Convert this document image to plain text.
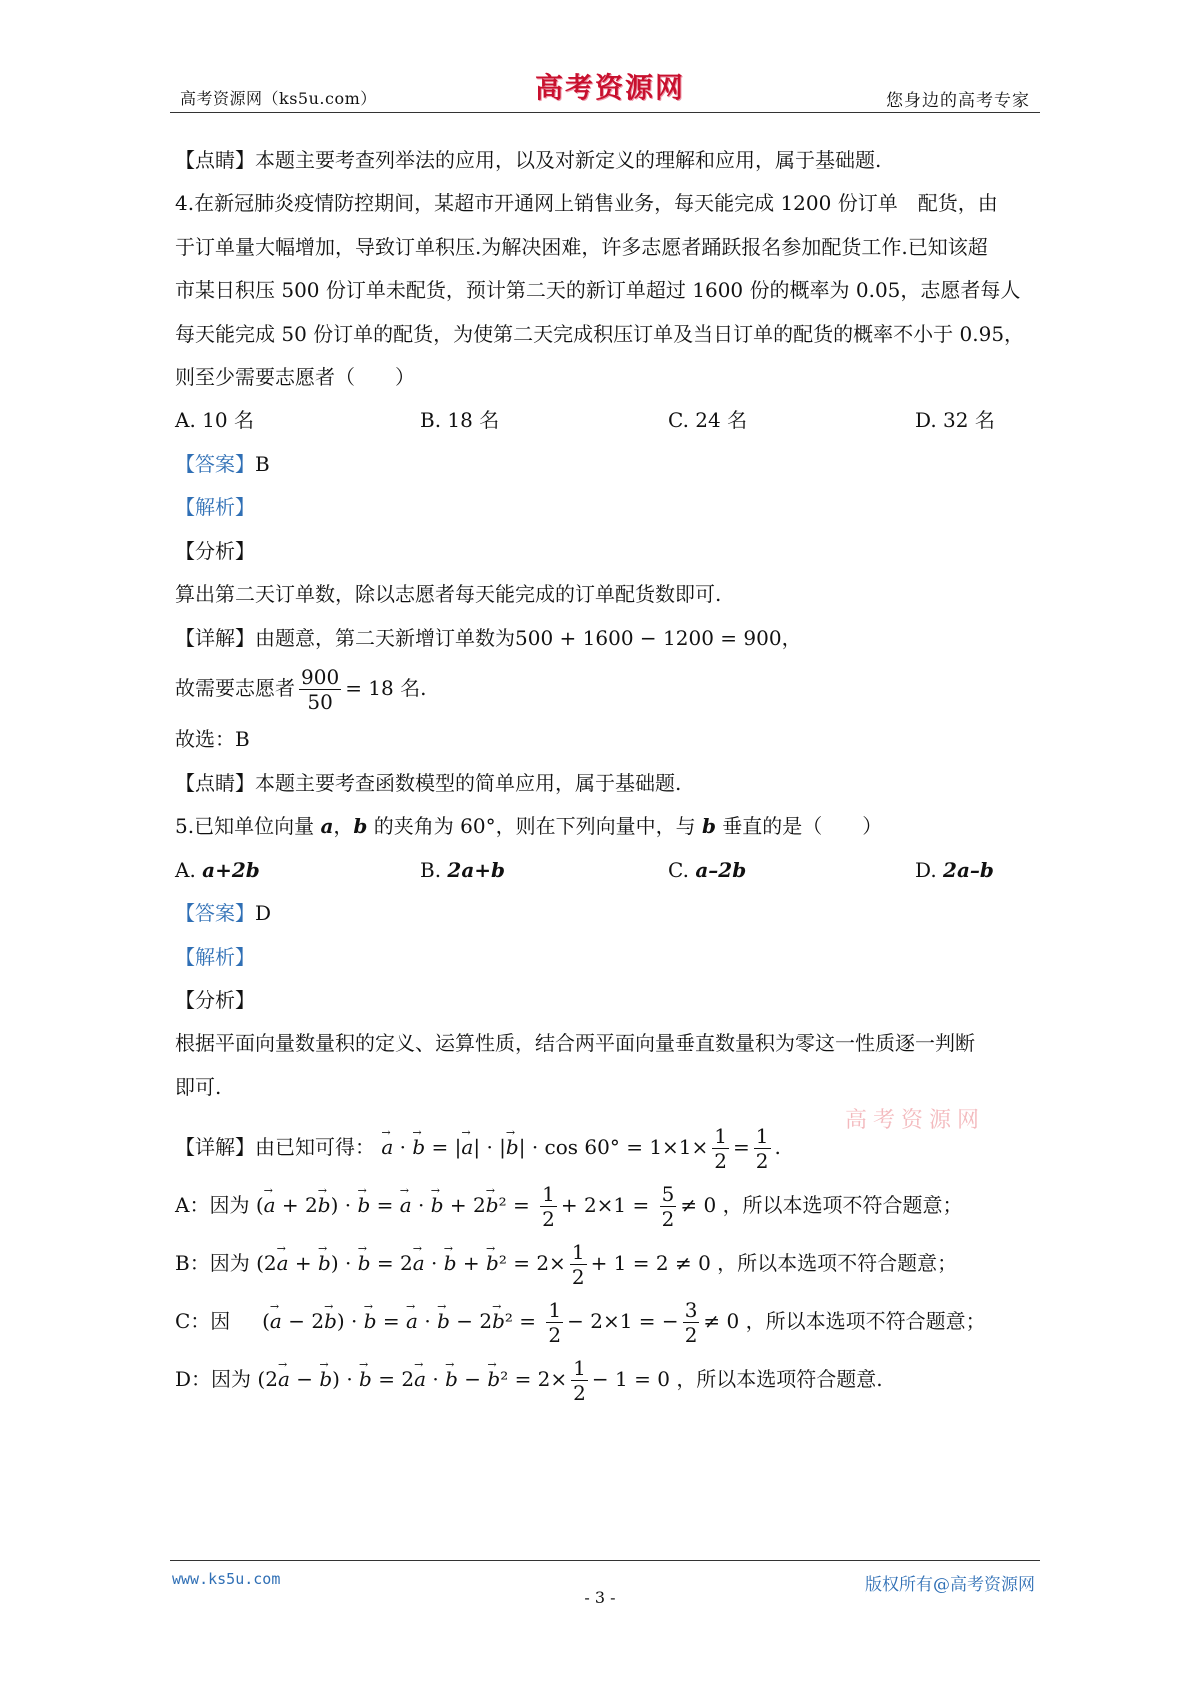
高考资源网（ks5u.com）	高考资源网	您身边的高考专家
【点睛】本题主要考查列举法的应用，以及对新定义的理解和应用，属于基础题.
4.在新冠肺炎疫情防控期间，某超市开通网上销售业务，每天能完成 1200 份订单　配货，由
于订单量大幅增加，导致订单积压.为解决困难，许多志愿者踊跃报名参加配货工作.已知该超
市某日积压 500 份订单未配货，预计第二天的新订单超过 1600 份的概率为 0.05，志愿者每人
每天能完成 50 份订单的配货，为使第二天完成积压订单及当日订单的配货的概率不小于 0.95，
则至少需要志愿者（　　）
A. 10 名	B. 18 名	C. 24 名	D. 32 名
【答案】B
【解析】
【分析】
算出第二天订单数，除以志愿者每天能完成的订单配货数即可.
【详解】由题意，第二天新增订单数为500 + 1600 − 1200 = 900，
故需要志愿者 $\frac{900}{50} = 18$ 名.
故选：B
【点睛】本题主要考查函数模型的简单应用，属于基础题.
5.已知单位向量 a，b 的夹角为 60°，则在下列向量中，与 b 垂直的是（　　）
A. a+2b	B. 2a+b	C. a–2b	D. 2a–b
【答案】D
【解析】
【分析】
根据平面向量数量积的定义、运算性质，结合两平面向量垂直数量积为零这一性质逐一判断
即可.
高考资源网
【详解】由已知可得： → a · → b = |→ a| · |→ $b| \cdot \cos 60^\circ = 1\times 1\times \frac{1}{2} = \frac{1}{2}$ .
A：因为 (→ a + 2→ b) · → b = → a · → $b + 2\to b^2 = \frac{1}{2} + 2\times 1 = \frac{5}{2} \ne 0$ ，所以本选项不符合题意；
B：因为 (2→ a + → b) · → b = 2→ a · → b + → $b^2 = 2\times \frac{1}{2} + 1 = 2 \ne 0$ ，所以本选项不符合题意；
C：因 (→ a − 2→ b) · → b = → a · → $b - 2\to b^2 = \frac{1}{2} - 2\times 1$ = − $\frac{3}{2} \ne 0$ ，所以本选项不符合题意；
D：因为 (2→ a − → b) · → b = 2→ a · → b − → $b^2 = 2\times \frac{1}{2} - 1 = 0$ ，所以本选项符合题意.
www.ks5u.com
- 3 -
版权所有@高考资源网
